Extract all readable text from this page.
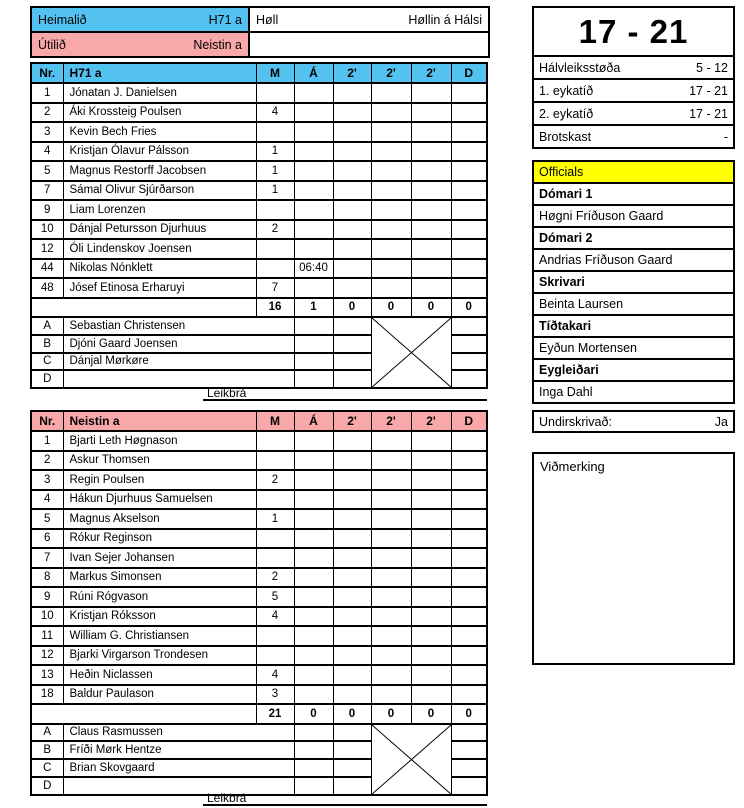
Heimalið H71 a	Høll Høllin á Hálsi

Útilið Neistin a	

Nr.	H71 a	M	Á	2'	2'	2'	D
1	Jónatan J. Danielsen						
2	Áki Krossteig Poulsen	4					
3	Kevin Bech Fries						
4	Kristjan Ólavur Pálsson	1					
5	Magnus Restorff Jacobsen	1					
7	Sámal Olivur Sjúrðarson	1					
9	Liam Lorenzen						
10	Dánjal Petursson Djurhuus	2					
12	Óli Lindenskov Joensen						
44	Nikolas Nónklett		06:40				
48	Jósef Etinosa Erharuyi	7					
		16	1	0	0	0	0
A	Sebastian Christensen			

B	Djóni Gaard Joensen						
C	Dánjal Mørkøre						
D							
Leikbrá
Nr.	Neistin a	M	Á	2'	2'	2'	D
1	Bjarti Leth Høgnason						
2	Askur Thomsen						
3	Regin Poulsen	2					
4	Hákun Djurhuus Samuelsen						
5	Magnus Akselson	1					
6	Rókur Reginson						
7	Ivan Sejer Johansen						
8	Markus Simonsen	2					
9	Rúni Rógvason	5					
10	Kristjan Róksson	4					
11	William G. Christiansen						
12	Bjarki Virgarson Trondesen						
13	Heðin Niclassen	4					
18	Baldur Paulason	3					
		21	0	0	0	0	0
A	Claus Rasmussen			

B	Fríði Mørk Hentze						
C	Brian Skovgaard						
D							
Leikbrá
17 - 21
Hálvleiksstøða	5 - 12
1. eykatíð	17 - 21
2. eykatíð	17 - 21
Brotskast	-
Officials
Dómari 1
Høgni Fríðuson Gaard
Dómari 2
Andrias Fríðuson Gaard
Skrivari
Beinta Laursen
Tíðtakari
Eyðun Mortensen
Eygleiðari
Inga Dahl
Undirskrivað:	Ja
Viðmerking
